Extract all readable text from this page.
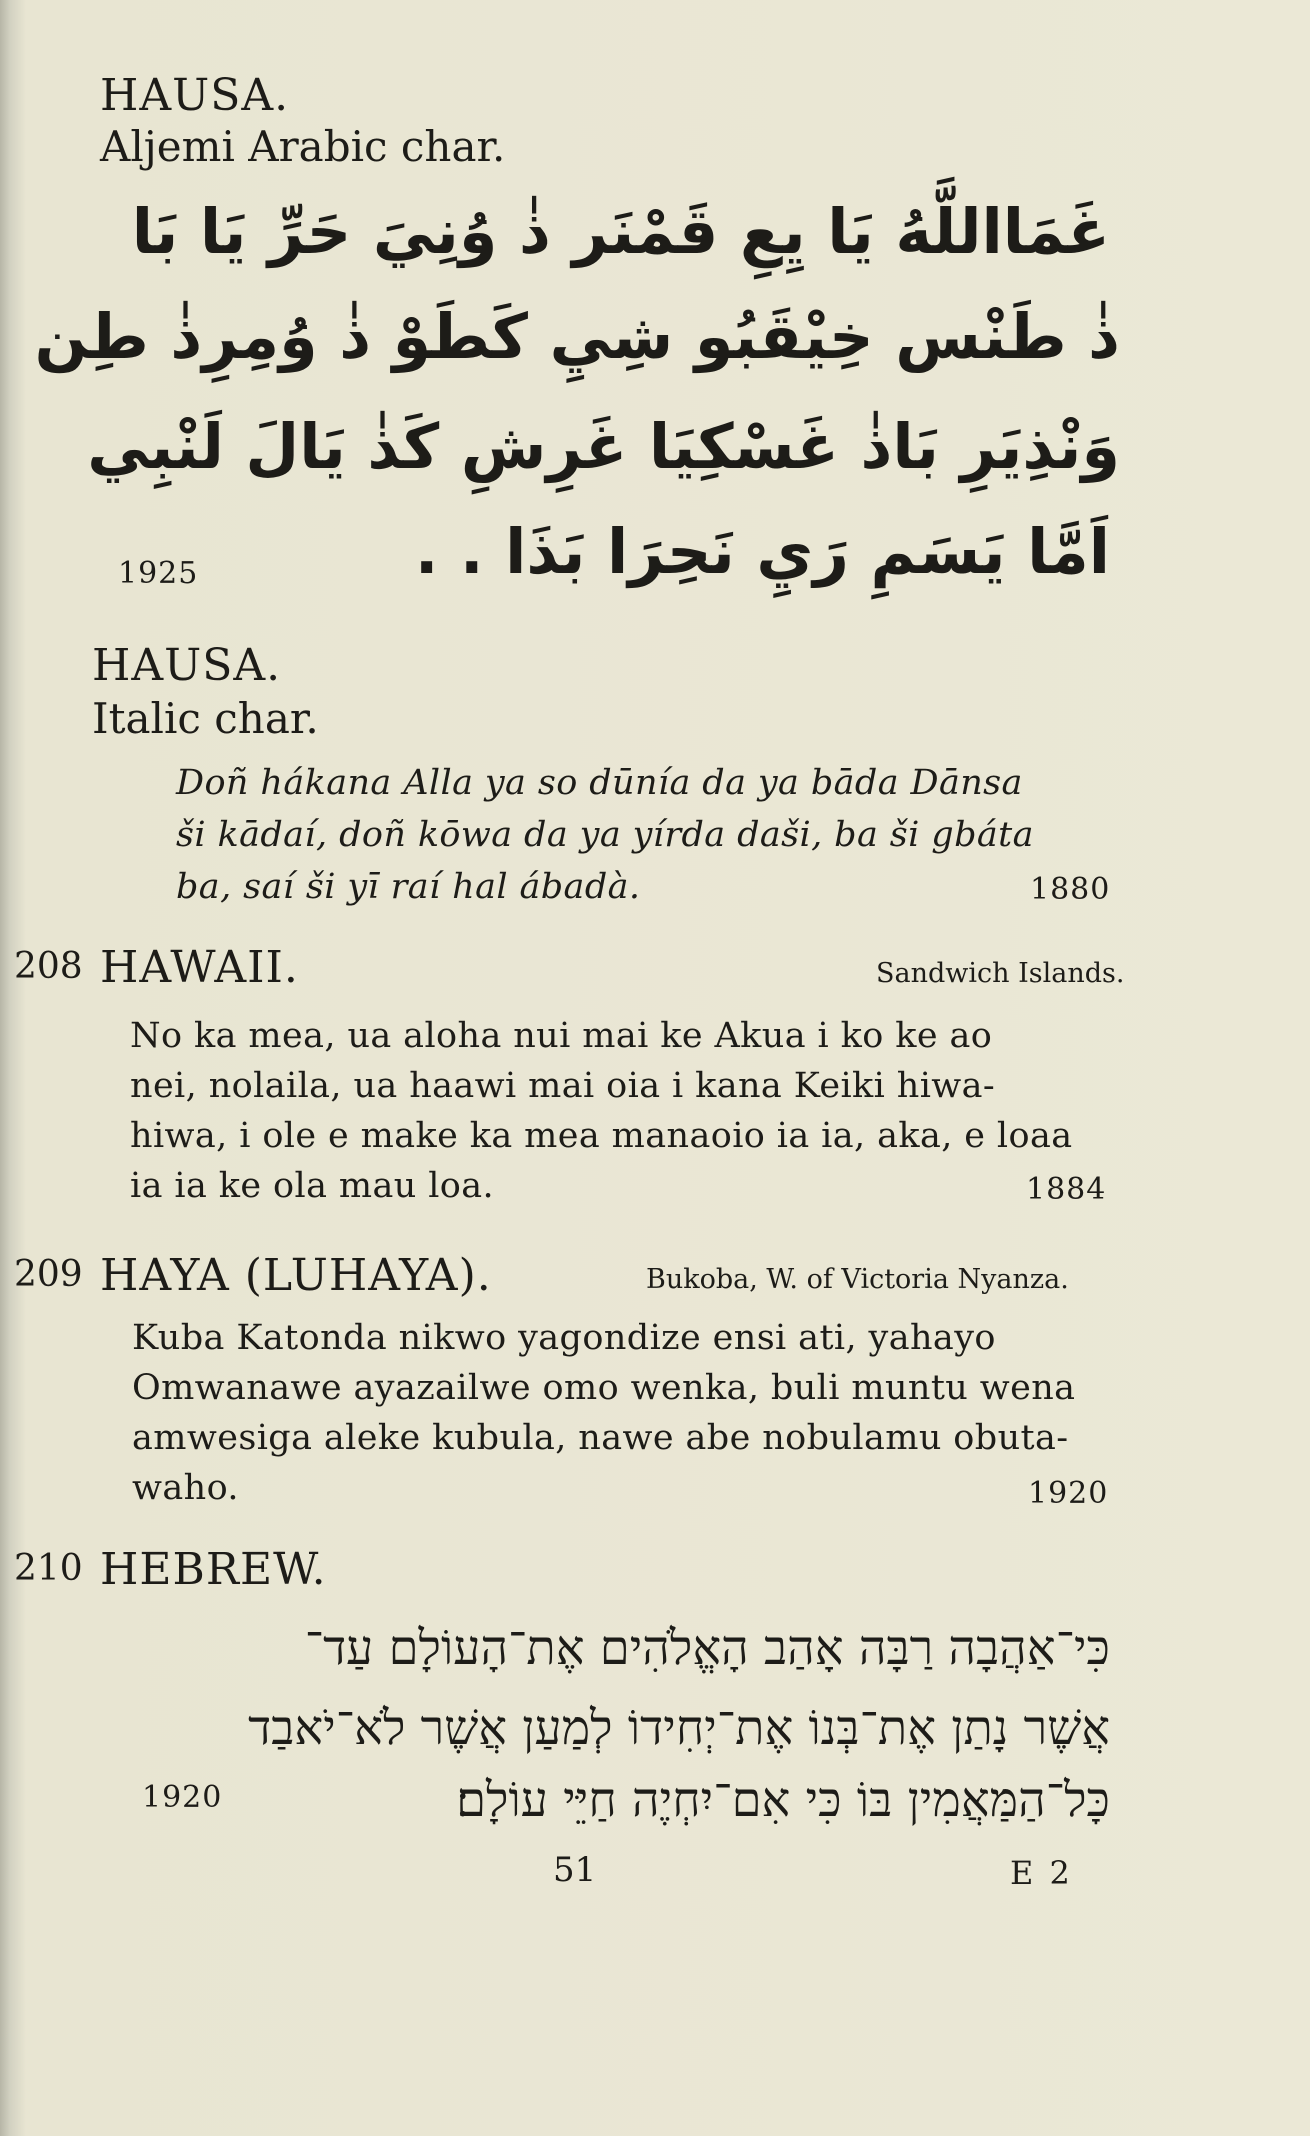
HAUSA.
Aljemi Arabic char.
غَمَااللَّهُ يَا يِعِ قَمْنَر ذٰ وُنِيَ حَرِّ يَا بَا
ذٰ طَنْس خِيْقَبُو شِيِ كَطَوْ ذٰ وُمِرِذٰ طِن
وَنْذِيَرِ بَاذٰ غَسْكِيَا غَرِشِ كَذٰ يَالَ لَنْبِي
1925	اَمَّا يَسَمِ رَيِ نَحِرَا بَذَا . .
HAUSA.
Italic char.
Doñ hákana Alla ya so dūnía da ya bāda Dānsa
ši kādaí, doñ kōwa da ya yírda daši, ba ši gbáta
ba, saí ši yī raí hal ábadà.	1880
208 HAWAII.	Sandwich Islands.
No ka mea, ua aloha nui mai ke Akua i ko ke ao
nei, nolaila, ua haawi mai oia i kana Keiki hiwa-
hiwa, i ole e make ka mea manaoio ia ia, aka, e loaa
ia ia ke ola mau loa.	1884
209 HAYA (LUHAYA).	Bukoba, W. of Victoria Nyanza.
Kuba Katonda nikwo yagondize ensi ati, yahayo
Omwanawe ayazailwe omo wenka, buli muntu wena
amwesiga aleke kubula, nawe abe nobulamu obuta-
waho.	1920
210 HEBREW.
כִּי־אַהֲבָה רַבָּה אָהַב הָאֱלֹהִים אֶת־הָעוֹלָם עַד־
אֲשֶׁר נָתַן אֶת־בְּנוֹ אֶת־יְחִידוֹ לְמַעַן אֲשֶׁר לֹא־יֹאבַד
1920	כָּל־הַמַּאֲמִין בּוֹ כִּי אִם־יִחְיֶה חַיֵּי עוֹלָם׃
51	E 2
